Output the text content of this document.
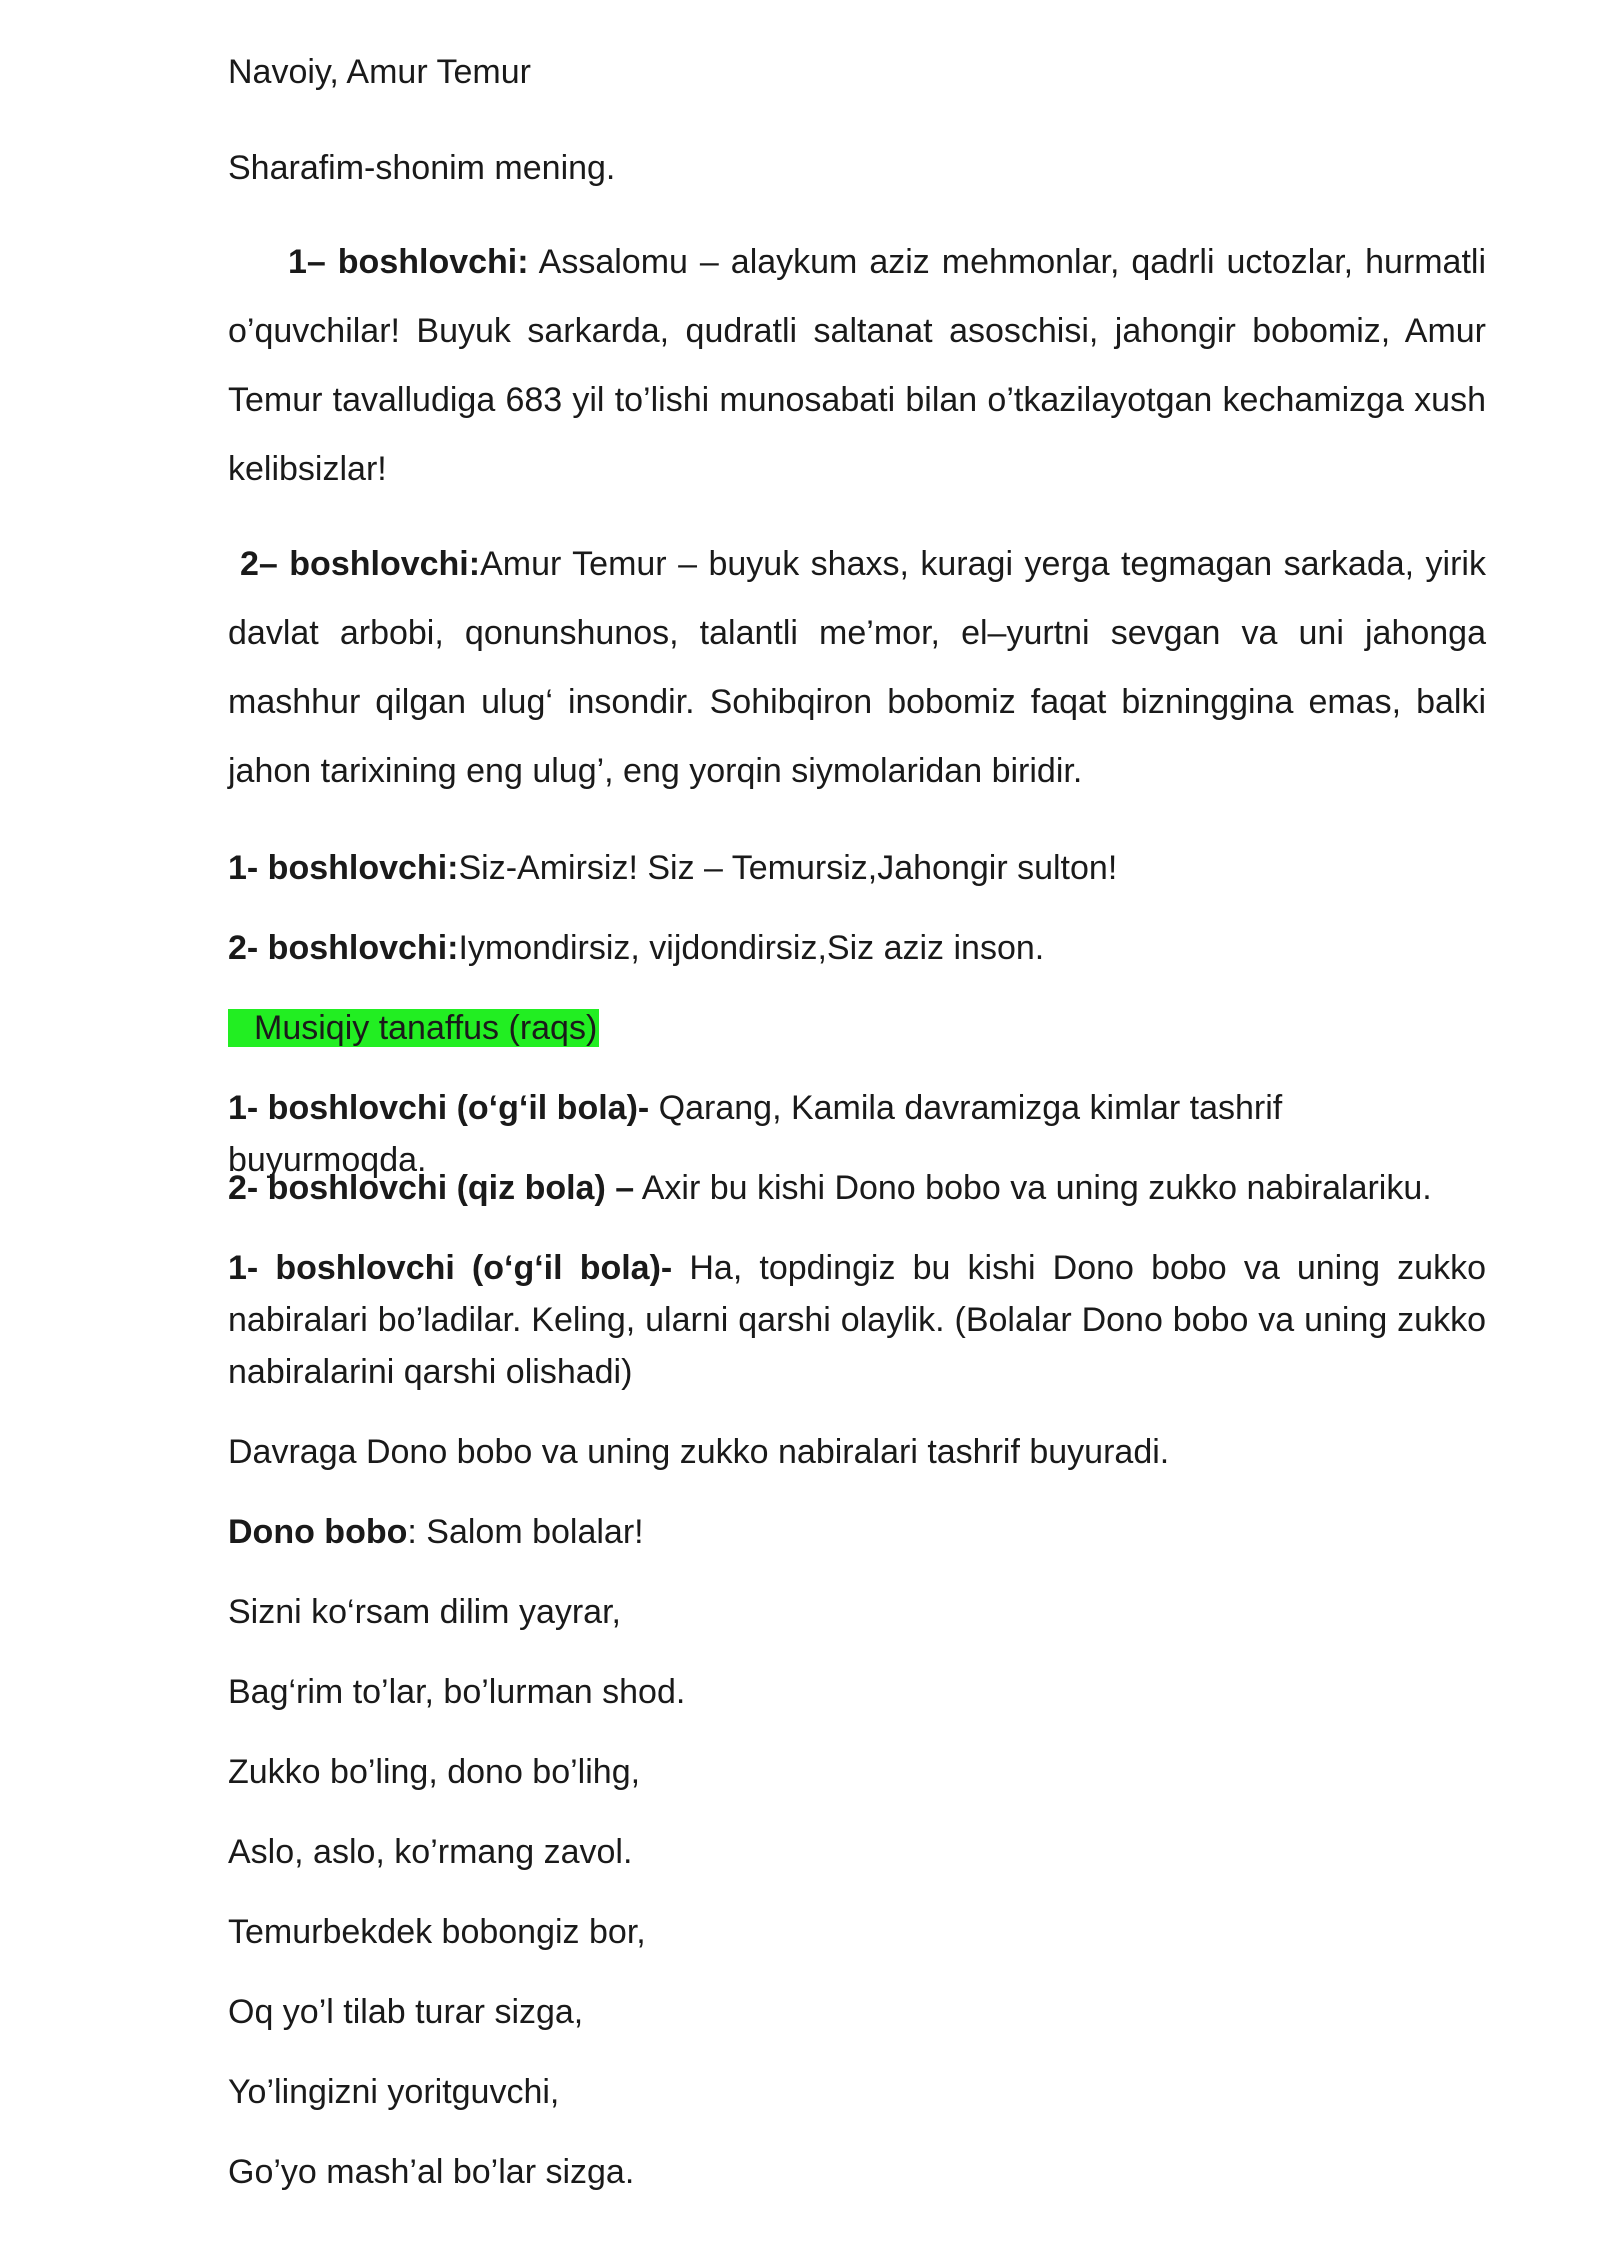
Navoiy, Amur Temur

Sharafim-shonim mening.

1– boshlovchi: Assalomu – alaykum aziz mehmonlar, qadrli uctozlar, hurmatli o’quvchilar! Buyuk sarkarda, qudratli saltanat asoschisi, jahongir bobomiz, Amur Temur tavalludiga 683 yil to’lishi munosabati bilan o’tkazilayotgan kechamizga xush kelibsizlar!

2– boshlovchi:Amur Temur – buyuk shaxs, kuragi yerga tegmagan sarkada, yirik davlat arbobi, qonunshunos, talantli me’mor, el–yurtni sevgan va uni jahonga mashhur qilgan ulug‘ insondir. Sohibqiron bobomiz faqat bizninggina emas, balki jahon tarixining eng ulug’, eng yorqin siymolaridan biridir.

1- boshlovchi:Siz-Amirsiz! Siz – Temursiz,Jahongir sulton!

2- boshlovchi:Iymondirsiz, vijdondirsiz,Siz aziz inson.

Musiqiy tanaffus (raqs)

1- boshlovchi (o‘g‘il bola)- Qarang, Kamila davramizga kimlar tashrif buyurmoqda.

2- boshlovchi (qiz bola) – Axir bu kishi Dono bobo va uning zukko nabiralariku.

1- boshlovchi (o‘g‘il bola)- Ha, topdingiz bu kishi Dono bobo va uning zukko nabiralari bo’ladilar. Keling, ularni qarshi olaylik. (Bolalar Dono bobo va uning zukko nabiralarini qarshi olishadi)

Davraga Dono bobo va uning zukko nabiralari tashrif buyuradi.

Dono bobo: Salom bolalar!

Sizni ko‘rsam dilim yayrar,

Bag‘rim to’lar, bo’lurman shod.

Zukko bo’ling, dono bo’lihg,

Aslo, aslo, ko’rmang zavol.

Temurbekdek bobongiz bor,

Oq yo’l tilab turar sizga,

Yo’lingizni yoritguvchi,

Go’yo mash’al bo’lar sizga.
